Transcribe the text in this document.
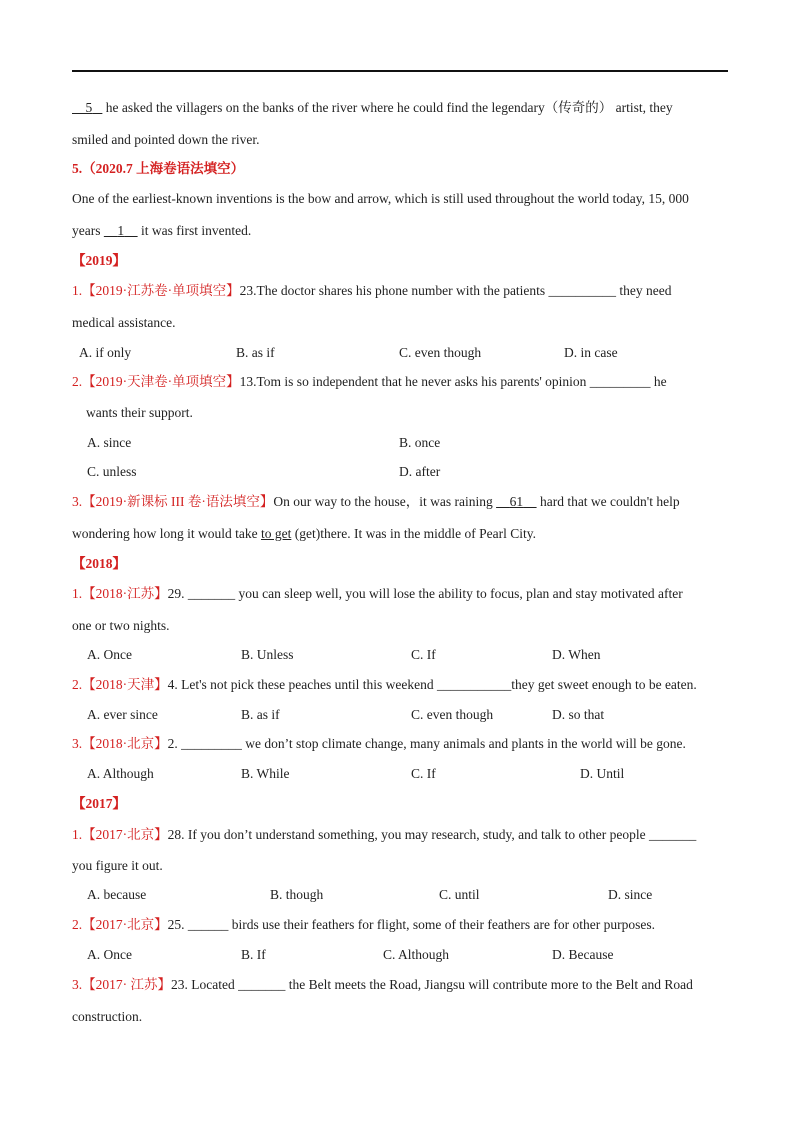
5    he asked the villagers on the banks of the river where he could find the legendary（传奇的） artist, they
smiled and pointed down the river.
5.（2020.7 上海卷语法填空）
One of the earliest-known inventions is the bow and arrow, which is still used throughout the world today, 15, 000
years     1     it was first invented.
【2019】
1.【2019·江苏卷·单项填空】23.The doctor shares his phone number with the patients __________ they need
medical assistance.
A. if only	B. as if	C. even though	D. in case
2.【2019·天津卷·单项填空】13.Tom is so independent that he never asks his parents' opinion _________ he
wants their support.
A. since	B. once
C. unless	D. after
3.【2019·新课标 III 卷·语法填空】On our way to the house，it was raining     61     hard that we couldn't help
wondering how long it would take to get (get)there. It was in the middle of Pearl City.
【2018】
1.【2018·江苏】29. _______ you can sleep well, you will lose the ability to focus, plan and stay motivated after
one or two nights.
A. Once	B. Unless	C. If	D. When
2.【2018·天津】4. Let's not pick these peaches until this weekend ___________they get sweet enough to be eaten.
A. ever since	B. as if	C. even though	D. so that
3.【2018·北京】2. _________ we don’t stop climate change, many animals and plants in the world will be gone.
A. Although	B. While	C. If	D. Until
【2017】
1.【2017·北京】28. If you don’t understand something, you may research, study, and talk to other people _______
you figure it out.
A. because	B. though	C. until	D. since
2.【2017·北京】25. ______ birds use their feathers for flight, some of their feathers are for other purposes.
A. Once	B. If	C. Although	D. Because
3.【2017· 江苏】23. Located _______ the Belt meets the Road, Jiangsu will contribute more to the Belt and Road
construction.
